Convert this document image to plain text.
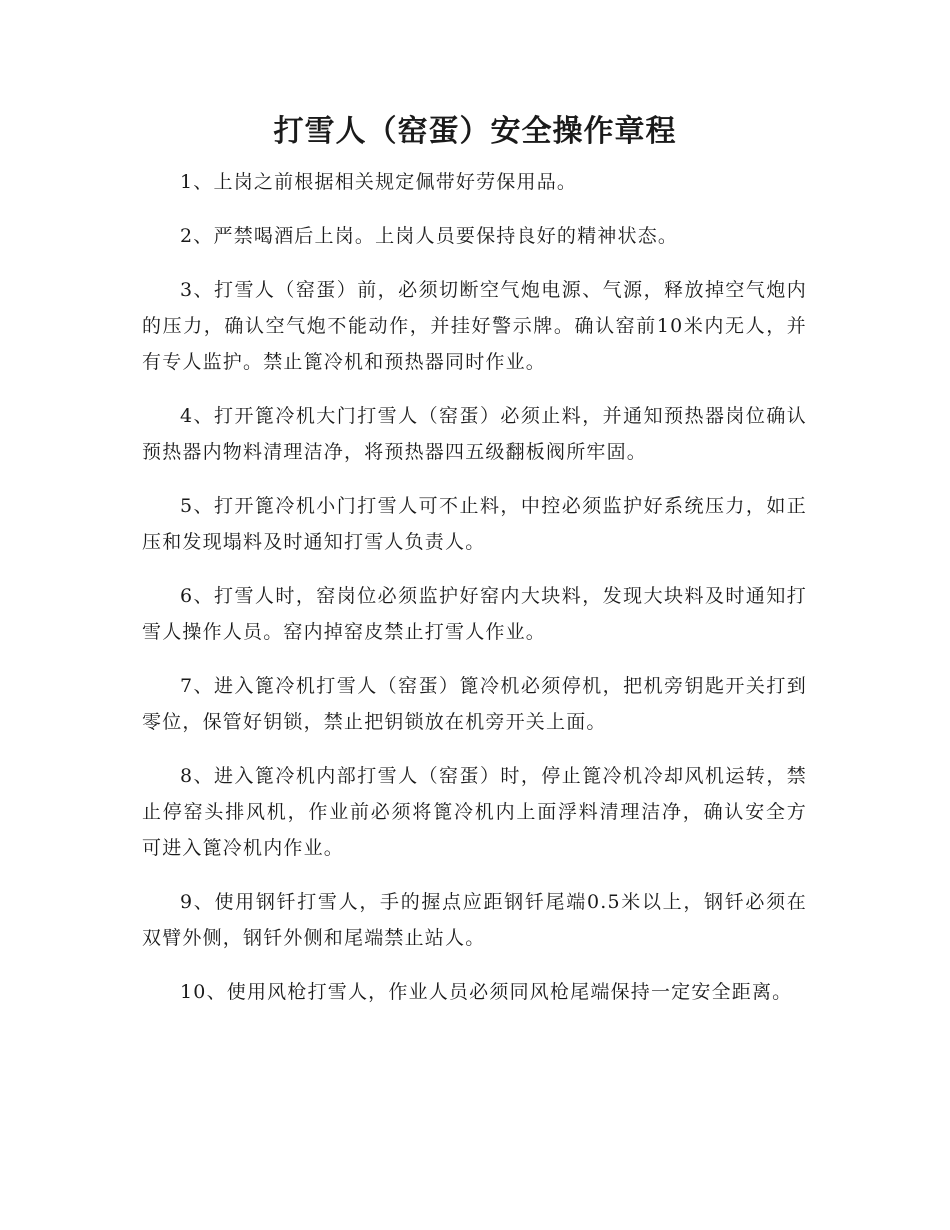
打雪人（窑蛋）安全操作章程

1、上岗之前根据相关规定佩带好劳保用品。

2、严禁喝酒后上岗。上岗人员要保持良好的精神状态。

3、打雪人（窑蛋）前，必须切断空气炮电源、气源，释放掉空气炮内的压力，确认空气炮不能动作，并挂好警示牌。确认窑前10米内无人，并有专人监护。禁止篦冷机和预热器同时作业。

4、打开篦冷机大门打雪人（窑蛋）必须止料，并通知预热器岗位确认预热器内物料清理洁净，将预热器四五级翻板阀所牢固。

5、打开篦冷机小门打雪人可不止料，中控必须监护好系统压力，如正压和发现塌料及时通知打雪人负责人。

6、打雪人时，窑岗位必须监护好窑内大块料，发现大块料及时通知打雪人操作人员。窑内掉窑皮禁止打雪人作业。

7、进入篦冷机打雪人（窑蛋）篦冷机必须停机，把机旁钥匙开关打到零位，保管好钥锁，禁止把钥锁放在机旁开关上面。

8、进入篦冷机内部打雪人（窑蛋）时，停止篦冷机冷却风机运转，禁止停窑头排风机，作业前必须将篦冷机内上面浮料清理洁净，确认安全方可进入篦冷机内作业。

9、使用钢钎打雪人，手的握点应距钢钎尾端0.5米以上，钢钎必须在双臂外侧，钢钎外侧和尾端禁止站人。

10、使用风枪打雪人，作业人员必须同风枪尾端保持一定安全距离。
